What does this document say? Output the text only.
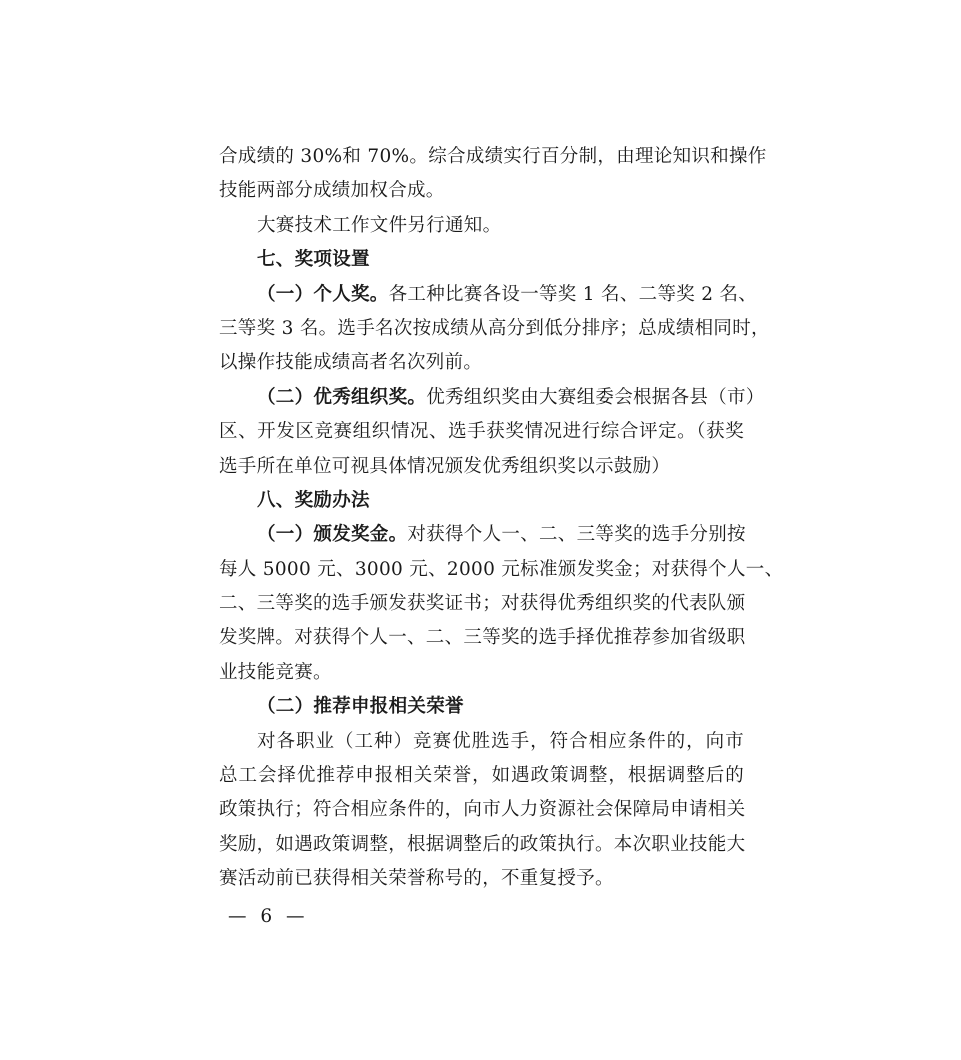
合成绩的 30%和 70%。综合成绩实行百分制，由理论知识和操作
技能两部分成绩加权合成。
大赛技术工作文件另行通知。
七、奖项设置
（一）个人奖。各工种比赛各设一等奖 1 名、二等奖 2 名、
三等奖 3 名。选手名次按成绩从高分到低分排序；总成绩相同时，
以操作技能成绩高者名次列前。
（二）优秀组织奖。优秀组织奖由大赛组委会根据各县（市）
区、开发区竞赛组织情况、选手获奖情况进行综合评定。（获奖
选手所在单位可视具体情况颁发优秀组织奖以示鼓励）
八、奖励办法
（一）颁发奖金。对获得个人一、二、三等奖的选手分别按
每人 5000 元、3000 元、2000 元标准颁发奖金；对获得个人一、
二、三等奖的选手颁发获奖证书；对获得优秀组织奖的代表队颁
发奖牌。对获得个人一、二、三等奖的选手择优推荐参加省级职
业技能竞赛。
（二）推荐申报相关荣誉
对各职业（工种）竞赛优胜选手，符合相应条件的，向市
总工会择优推荐申报相关荣誉，如遇政策调整，根据调整后的
政策执行；符合相应条件的，向市人力资源社会保障局申请相关
奖励，如遇政策调整，根据调整后的政策执行。本次职业技能大
赛活动前已获得相关荣誉称号的，不重复授予。
— 6 —
